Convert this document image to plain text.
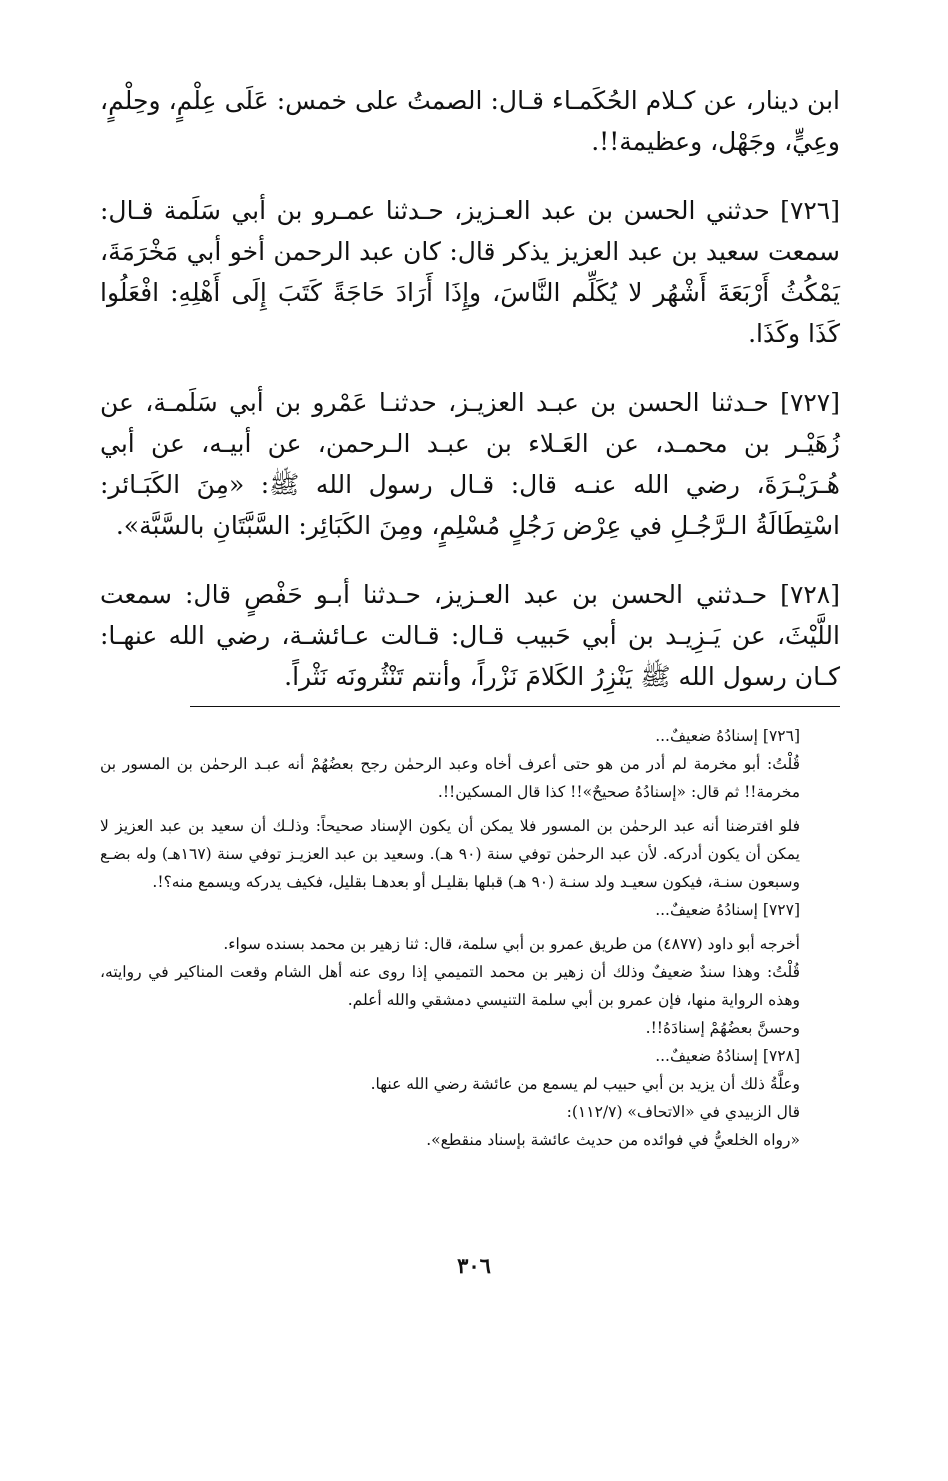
ابن دينار، عن كـلام الحُكَمـاء قـال: الصمتُ على خمس: عَلَى عِلْمٍ، وحِلْمٍ، وعِيٍّ، وجَهْل، وعظيمة!!.

[٧٢٦] حدثني الحسن بن عبد العـزيز، حـدثنا عمـرو بن أبي سَلَمة قـال: سمعت سعيد بن عبد العزيز يذكر قال: كان عبد الرحمن أخو أبي مَخْرَمَةَ، يَمْكُثُ أَرْبَعَةَ أَشْهُر لا يُكَلِّم النَّاسَ، وإِذَا أَرَادَ حَاجَةً كَتَبَ إِلَى أَهْلِهِ: افْعَلُوا كَذَا وكَذَا.

[٧٢٧] حـدثنا الحسن بن عبـد العزيـز، حدثنـا عَمْرو بن أبي سَلَمـة، عن زُهَيْـر بن محمـد، عن العَـلاء بن عبـد الـرحمن، عن أبيـه، عن أبي هُـرَيْـرَةَ، رضي الله عنـه قال: قـال رسول الله ﷺ: «مِنَ الكَبَـائر: اسْتِطَالَةُ الـرَّجُـلِ في عِرْض رَجُلٍ مُسْلِمٍ، ومِنَ الكَبَائِر: السَّبَّتَانِ بالسَّبَّة».

[٧٢٨] حـدثني الحسن بن عبد العـزيز، حـدثنا أبـو حَفْصٍ قال: سمعت اللَّيْثَ، عن يَـزِيـد بن أبي حَبيب قـال: قـالت عـائشـة، رضي الله عنهـا: كـان رسول الله ﷺ يَنْزِرُ الكَلامَ نَزْراً، وأنتم تَنْثُرونَه نَثْراً.

[٧٢٦] إسنادُهُ ضعيفٌ...

قُلْتُ: أبو مخرمة لم أدر من هو حتى أعرف أخاه وعبد الرحمٰن رجح بعضُهُمْ أنه عبـد الرحمٰن بن المسور بن مخرمة!! ثم قال: «إسنادُهُ صحيحٌ»!! كذا قال المسكين!!.

فلو افترضنا أنه عبد الرحمٰن بن المسور فلا يمكن أن يكون الإسناد صحيحاً: وذلـك أن سعيد بن عبد العزيز لا يمكن أن يكون أدركه. لأن عبد الرحمٰن توفي سنة (٩٠ هـ). وسعيد بن عبد العزيـز توفي سنة (١٦٧هـ) وله بضـع وسبعون سنـة، فيكون سعيـد ولد سنـة (٩٠ هـ) قبلها بقليـل أو بعدهـا بقليل، فكيف يدركه ويسمع منه؟!.

[٧٢٧] إسنادُهُ ضعيفٌ...

أخرجه أبو داود (٤٨٧٧) من طريق عمرو بن أبي سلمة، قال: ثنا زهير بن محمد بسنده سواء.

قُلْتُ: وهذا سندٌ ضعيفٌ وذلك أن زهير بن محمد التميمي إذا روى عنه أهل الشام وقعت المناكير في روايته، وهذه الرواية منها، فإن عمرو بن أبي سلمة التنيسي دمشقي والله أعلم.

وحسنَّ بعضُهُمْ إسنادَهُ!!.

[٧٢٨] إسنادُهُ ضعيفٌ...

وعلَّةُ ذلك أن يزيد بن أبي حبيب لم يسمع من عائشة رضي الله عنها.

قال الزبيدي في «الاتحاف» (١١٢/٧):

«رواه الخلعيُّ في فوائده من حديث عائشة بإسناد منقطع».

٣٠٦
